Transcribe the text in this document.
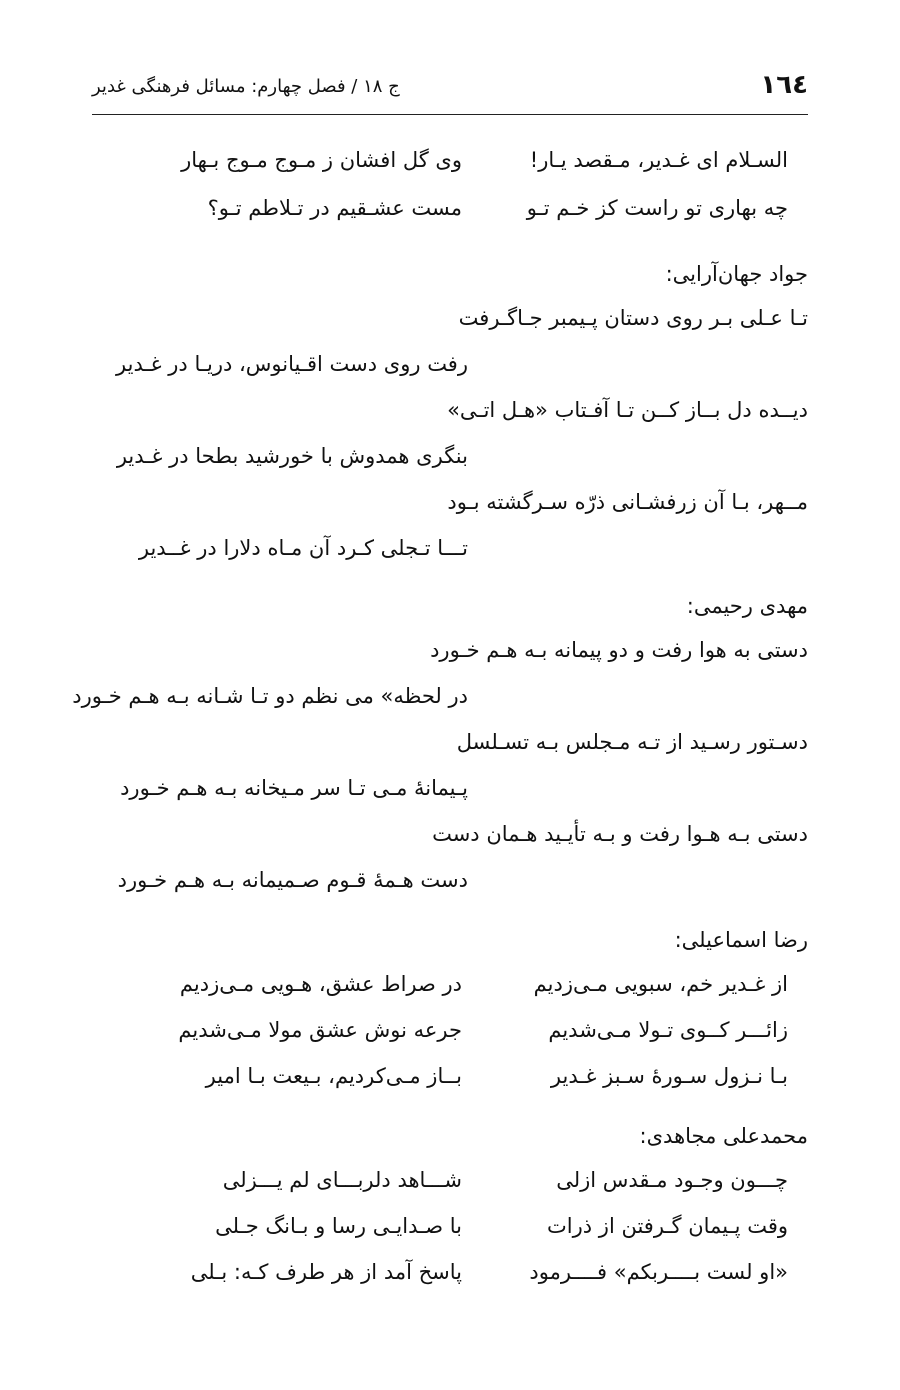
١٦٤
ج ١٨ / فصل چهارم: مسائل فرهنگی غدیر
السـلام ای غـدیر، مـقصد یـار!
وی گل افشان ز مـوج مـوج بـهار
چه بهاری تو راست کز خـم تـو
مست عشـقیم در تـلاطم تـو؟
جواد جهان‌آرایی:
تـا عـلی بـر روی دستان پـیمبر جـاگـرفت
رفت روی دست اقـیانوس، دریـا در غـدیر
دیــده دل بــاز کــن تـا آفـتاب «هـل اتـی»
بنگری همدوش با خورشید بطحا در غـدیر
مــهر، بـا آن زرفشـانی ذرّه سـرگشته بـود
تـــا تـجلی کـرد آن مـاه دلارا در غــدیر
مهدی رحیمی:
دستی به هوا رفت و دو پیمانه بـه هـم خـورد
در لحظه» می نظم دو تـا شـانه بـه هـم خـورد
دسـتور رسـید از تـه مـجلس بـه تسـلسل
پـیمانهٔ مـی تـا سر مـیخانه بـه هـم خـورد
دستی بـه هـوا رفت و بـه تأیـید هـمان دست
دست هـمهٔ قـوم صـمیمانه بـه هـم خـورد
رضا اسماعیلی:
از غـدیر خم، سبویی مـی‌زدیم
در صراط عشق، هـویی مـی‌زدیم
زائـــر کــوی تـولا مـی‌شدیم
جرعه نوش عشق مولا مـی‌شدیم
بـا نـزول سـورهٔ سـبز غـدیر
بــاز مـی‌کردیم، بـیعت بـا امیر
محمدعلی مجاهدی:
چـــون وجـود مـقدس ازلی
شـــاهد دلربـــای لم یـــزلی
وقت پـیمان گـرفتن از ذرات
با صـدایـی رسا و بـانگ جـلی
«او لست بــــربکم» فــــرمود
پاسخ آمد از هر طرف کـه: بـلی
